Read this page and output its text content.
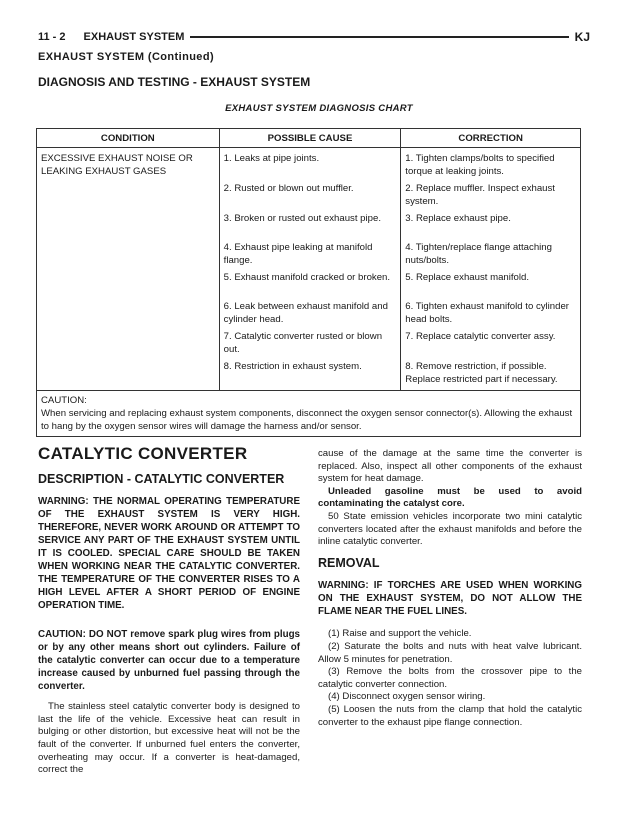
11 - 2 EXHAUST SYSTEM	KJ
EXHAUST SYSTEM (Continued)
DIAGNOSIS AND TESTING - EXHAUST SYSTEM
EXHAUST SYSTEM DIAGNOSIS CHART
CONDITION	POSSIBLE CAUSE	CORRECTION
EXCESSIVE EXHAUST NOISE OR LEAKING EXHAUST GASES	1. Leaks at pipe joints.	1. Tighten clamps/bolts to specified torque at leaking joints.
	2. Rusted or blown out muffler.	2. Replace muffler. Inspect exhaust system.
	3. Broken or rusted out exhaust pipe.	3. Replace exhaust pipe.
	4. Exhaust pipe leaking at manifold flange.	4. Tighten/replace flange attaching nuts/bolts.
	5. Exhaust manifold cracked or broken.	5. Replace exhaust manifold.
	6. Leak between exhaust manifold and cylinder head.	6. Tighten exhaust manifold to cylinder head bolts.
	7. Catalytic converter rusted or blown out.	7. Replace catalytic converter assy.
	8. Restriction in exhaust system.	8. Remove restriction, if possible. Replace restricted part if necessary.

CAUTION:
When servicing and replacing exhaust system components, disconnect the oxygen sensor connector(s). Allowing the exhaust to hang by the oxygen sensor wires will damage the harness and/or sensor.		
CATALYTIC CONVERTER
DESCRIPTION - CATALYTIC CONVERTER

WARNING: THE NORMAL OPERATING TEMPERATURE OF THE EXHAUST SYSTEM IS VERY HIGH. THEREFORE, NEVER WORK AROUND OR ATTEMPT TO SERVICE ANY PART OF THE EXHAUST SYSTEM UNTIL IT IS COOLED. SPECIAL CARE SHOULD BE TAKEN WHEN WORKING NEAR THE CATALYTIC CONVERTER. THE TEMPERATURE OF THE CONVERTER RISES TO A HIGH LEVEL AFTER A SHORT PERIOD OF ENGINE OPERATION TIME.

CAUTION: DO NOT remove spark plug wires from plugs or by any other means short out cylinders. Failure of the catalytic converter can occur due to a temperature increase caused by unburned fuel passing through the converter.

The stainless steel catalytic converter body is designed to last the life of the vehicle. Excessive heat can result in bulging or other distortion, but excessive heat will not be the fault of the converter. If unburned fuel enters the converter, overheating may occur. If a converter is heat-damaged, correct the

cause of the damage at the same time the converter is replaced. Also, inspect all other components of the exhaust system for heat damage.

Unleaded gasoline must be used to avoid contaminating the catalyst core.

50 State emission vehicles incorporate two mini catalytic converters located after the exhaust manifolds and before the inline catalytic converter.

REMOVAL

WARNING: IF TORCHES ARE USED WHEN WORKING ON THE EXHAUST SYSTEM, DO NOT ALLOW THE FLAME NEAR THE FUEL LINES.

(1) Raise and support the vehicle.

(2) Saturate the bolts and nuts with heat valve lubricant. Allow 5 minutes for penetration.

(3) Remove the bolts from the crossover pipe to the catalytic converter connection.

(4) Disconnect oxygen sensor wiring.

(5) Loosen the nuts from the clamp that hold the catalytic converter to the exhaust pipe flange connection.
